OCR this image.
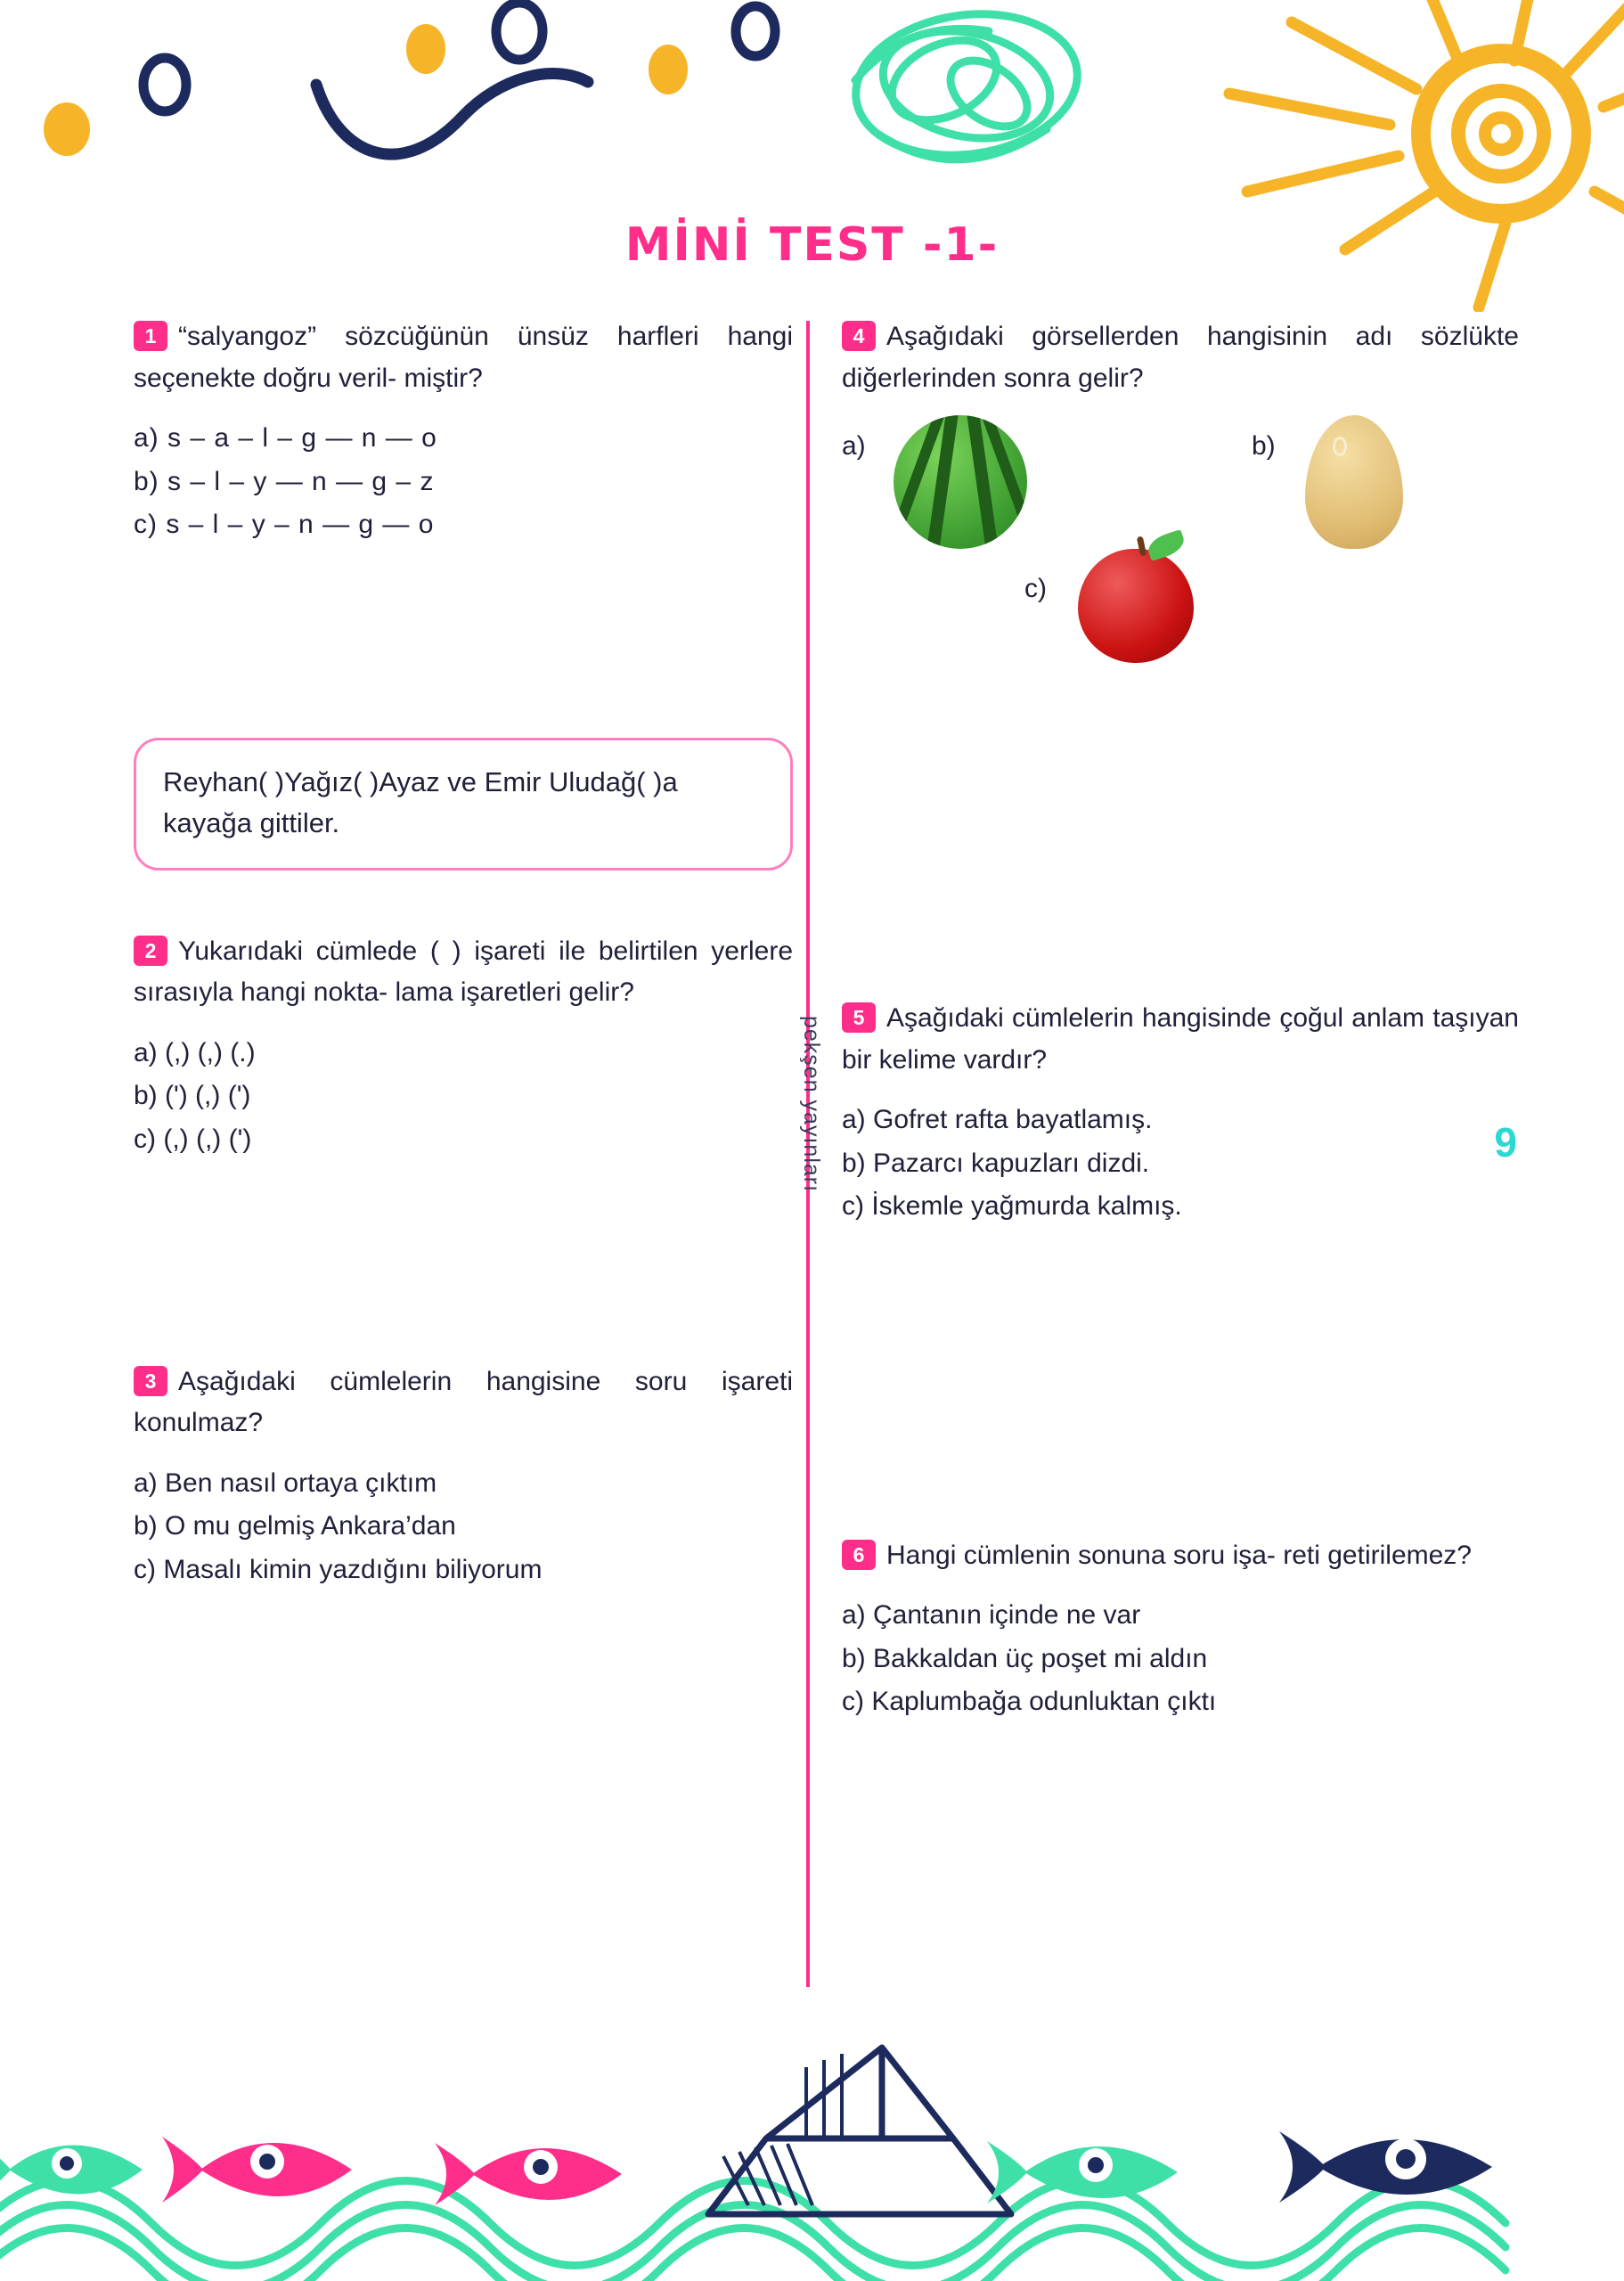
MİNİ TEST -1-
pekşen yayınları	9
1 “salyangoz” sözcüğünün ünsüz harfleri hangi seçenekte doğru veril- miştir?
a) s – a – l – g — n — o
b) s – l – y — n — g – z
c) s – l – y – n — g — o
Reyhan( )Yağız( )Ayaz ve Emir Uludağ( )a kayağa gittiler.
2 Yukarıdaki cümlede ( ) işareti ile belirtilen yerlere sırasıyla hangi nokta- lama işaretleri gelir?
a) (,) (,) (.)
b) (') (,) (')
c) (,) (,) (')
3 Aşağıdaki cümlelerin hangisine soru işareti konulmaz?
a) Ben nasıl ortaya çıktım
b) O mu gelmiş Ankara’dan
c) Masalı kimin yazdığını biliyorum
4 Aşağıdaki görsellerden hangisinin adı sözlükte diğerlerinden sonra gelir?
a)	b)
c)
5 Aşağıdaki cümlelerin hangisinde çoğul anlam taşıyan bir kelime vardır?
a) Gofret rafta bayatlamış.
b) Pazarcı kapuzları dizdi.
c) İskemle yağmurda kalmış.
6 Hangi cümlenin sonuna soru işa- reti getirilemez?
a) Çantanın içinde ne var
b) Bakkaldan üç poşet mi aldın
c) Kaplumbağa odunluktan çıktı
